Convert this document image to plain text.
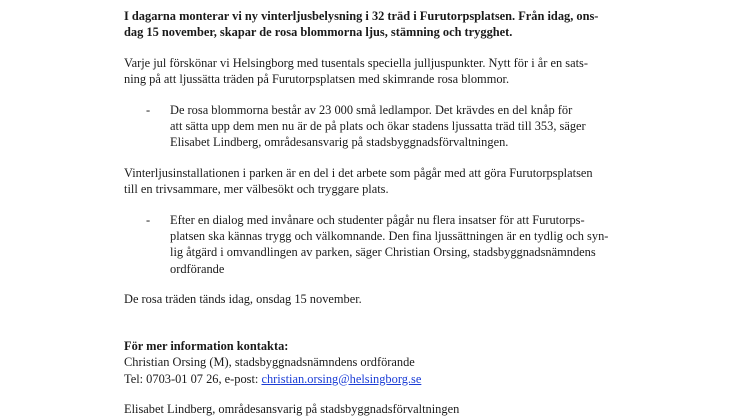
I dagarna monterar vi ny vinterljusbelysning i 32 träd i Furutorpsplatsen. Från idag, ons-

dag 15 november, skapar de rosa blommorna ljus, stämning och trygghet.

Varje jul förskönar vi Helsingborg med tusentals speciella julljuspunkter. Nytt för i år en sats-

ning på att ljussätta träden på Furutorpsplatsen med skimrande rosa blommor.

- De rosa blommorna består av 23 000 små ledlampor. Det krävdes en del knåp för

att sätta upp dem men nu är de på plats och ökar stadens ljussatta träd till 353, säger

Elisabet Lindberg, områdesansvarig på stadsbyggnadsförvaltningen.

Vinterljusinstallationen i parken är en del i det arbete som pågår med att göra Furutorpsplatsen

till en trivsammare, mer välbesökt och tryggare plats.

- Efter en dialog med invånare och studenter pågår nu flera insatser för att Furutorps-

platsen ska kännas trygg och välkomnande. Den fina ljussättningen är en tydlig och syn-

lig åtgärd i omvandlingen av parken, säger Christian Orsing, stadsbyggnadsnämndens

ordförande

De rosa träden tänds idag, onsdag 15 november.

För mer information kontakta:

Christian Orsing (M), stadsbyggnadsnämndens ordförande

Tel: 0703-01 07 26, e-post: christian.orsing@helsingborg.se

Elisabet Lindberg, områdesansvarig på stadsbyggnadsförvaltningen
